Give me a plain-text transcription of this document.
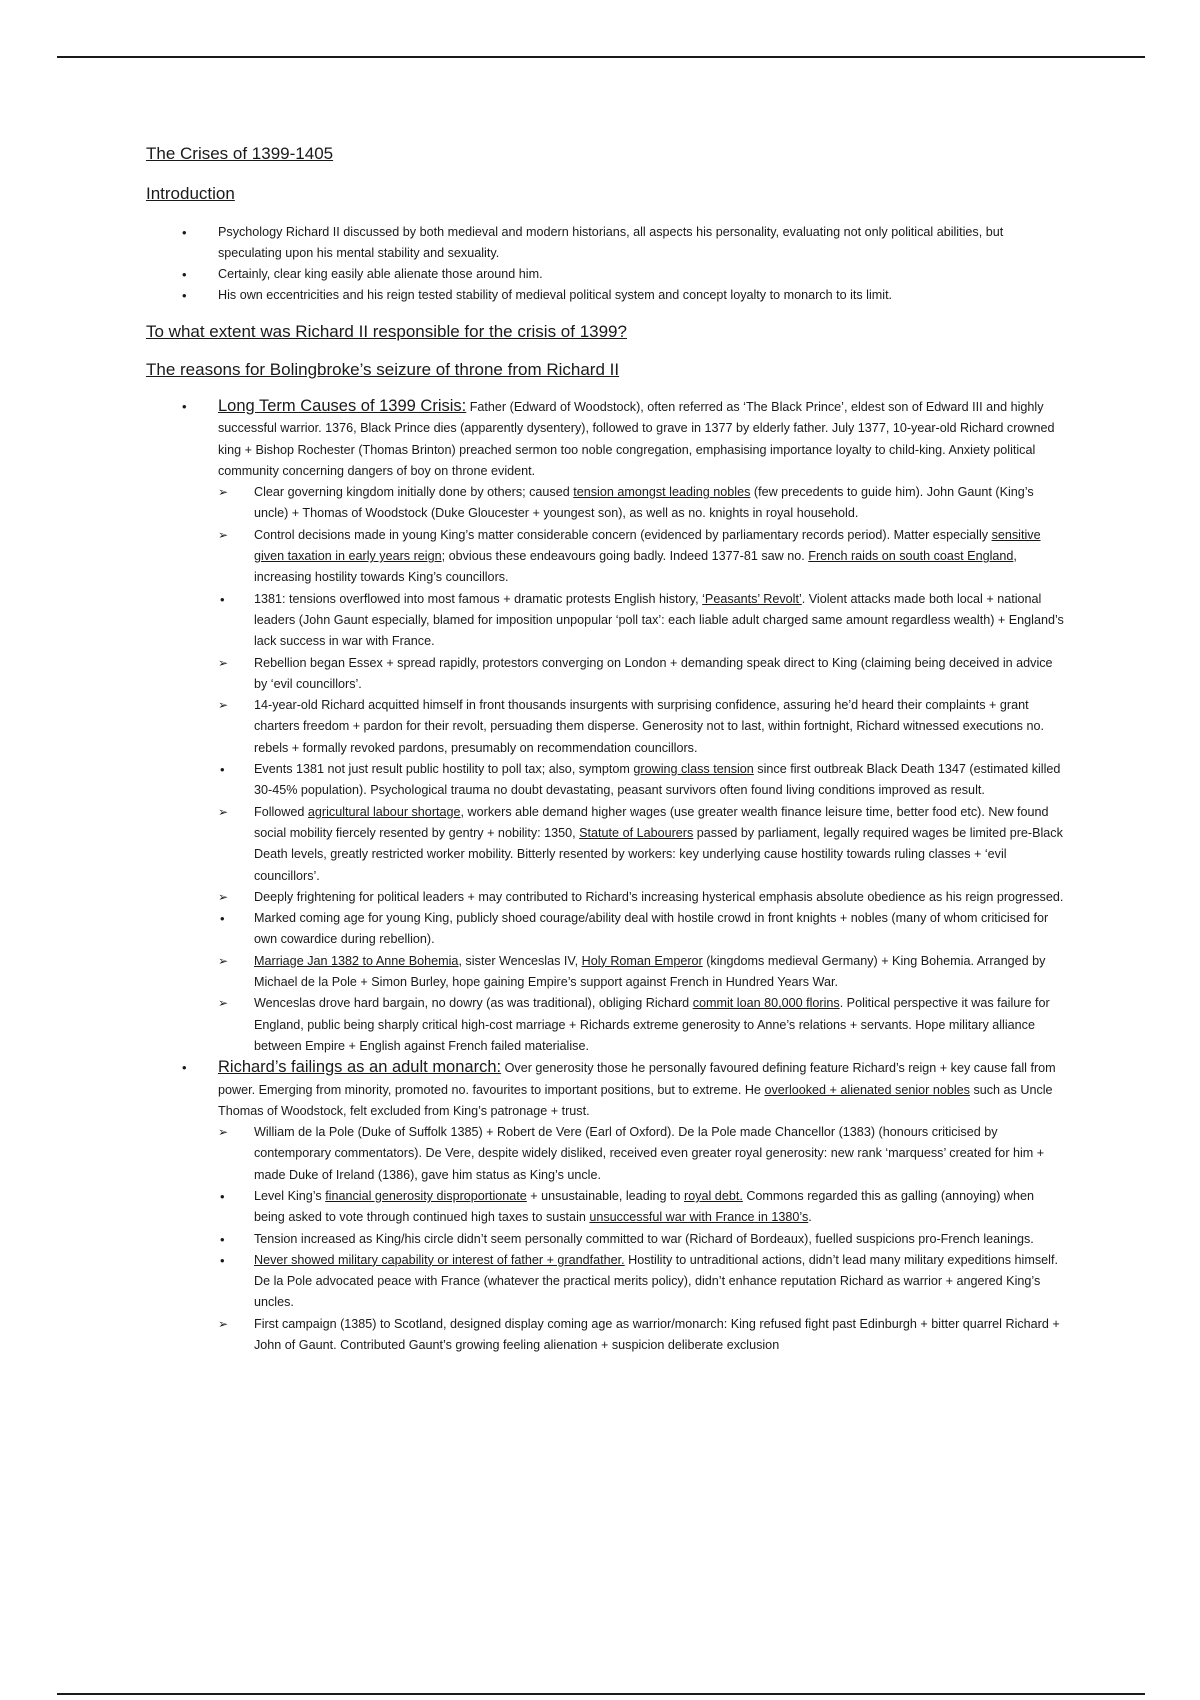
The Crises of 1399-1405

Introduction

• Psychology Richard II discussed by both medieval and modern historians, all aspects his personality, evaluating not only political abilities, but speculating upon his mental stability and sexuality.
• Certainly, clear king easily able alienate those around him.
• His own eccentricities and his reign tested stability of medieval political system and concept loyalty to monarch to its limit.

To what extent was Richard II responsible for the crisis of 1399?

The reasons for Bolingbroke’s seizure of throne from Richard II

• Long Term Causes of 1399 Crisis: Father (Edward of Woodstock), often referred as ‘The Black Prince’, eldest son of Edward III and highly successful warrior. 1376, Black Prince dies (apparently dysentery), followed to grave in 1377 by elderly father. July 1377, 10-year-old Richard crowned king + Bishop Rochester (Thomas Brinton) preached sermon too noble congregation, emphasising importance loyalty to child-king. Anxiety political community concerning dangers of boy on throne evident.
➢ Clear governing kingdom initially done by others; caused tension amongst leading nobles (few precedents to guide him). John Gaunt (King’s uncle) + Thomas of Woodstock (Duke Gloucester + youngest son), as well as no. knights in royal household.
➢ Control decisions made in young King’s matter considerable concern (evidenced by parliamentary records period). Matter especially sensitive given taxation in early years reign; obvious these endeavours going badly. Indeed 1377-81 saw no. French raids on south coast England, increasing hostility towards King’s councillors.
• 1381: tensions overflowed into most famous + dramatic protests English history, ‘Peasants’ Revolt’. Violent attacks made both local + national leaders (John Gaunt especially, blamed for imposition unpopular ‘poll tax’: each liable adult charged same amount regardless wealth) + England’s lack success in war with France.
➢ Rebellion began Essex + spread rapidly, protestors converging on London + demanding speak direct to King (claiming being deceived in advice by ‘evil councillors’.
➢ 14-year-old Richard acquitted himself in front thousands insurgents with surprising confidence, assuring he’d heard their complaints + grant charters freedom + pardon for their revolt, persuading them disperse. Generosity not to last, within fortnight, Richard witnessed executions no. rebels + formally revoked pardons, presumably on recommendation councillors.
• Events 1381 not just result public hostility to poll tax; also, symptom growing class tension since first outbreak Black Death 1347 (estimated killed 30-45% population). Psychological trauma no doubt devastating, peasant survivors often found living conditions improved as result.
➢ Followed agricultural labour shortage, workers able demand higher wages (use greater wealth finance leisure time, better food etc). New found social mobility fiercely resented by gentry + nobility: 1350, Statute of Labourers passed by parliament, legally required wages be limited pre-Black Death levels, greatly restricted worker mobility. Bitterly resented by workers: key underlying cause hostility towards ruling classes + ‘evil councillors’.
➢ Deeply frightening for political leaders + may contributed to Richard’s increasing hysterical emphasis absolute obedience as his reign progressed.
• Marked coming age for young King, publicly shoed courage/ability deal with hostile crowd in front knights + nobles (many of whom criticised for own cowardice during rebellion).
➢ Marriage Jan 1382 to Anne Bohemia, sister Wenceslas IV, Holy Roman Emperor (kingdoms medieval Germany) + King Bohemia. Arranged by Michael de la Pole + Simon Burley, hope gaining Empire’s support against French in Hundred Years War.
➢ Wenceslas drove hard bargain, no dowry (as was traditional), obliging Richard commit loan 80,000 florins. Political perspective it was failure for England, public being sharply critical high-cost marriage + Richards extreme generosity to Anne’s relations + servants. Hope military alliance between Empire + English against French failed materialise.
• Richard’s failings as an adult monarch: Over generosity those he personally favoured defining feature Richard’s reign + key cause fall from power. Emerging from minority, promoted no. favourites to important positions, but to extreme. He overlooked + alienated senior nobles such as Uncle Thomas of Woodstock, felt excluded from King’s patronage + trust.
➢ William de la Pole (Duke of Suffolk 1385) + Robert de Vere (Earl of Oxford). De la Pole made Chancellor (1383) (honours criticised by contemporary commentators). De Vere, despite widely disliked, received even greater royal generosity: new rank ‘marquess’ created for him + made Duke of Ireland (1386), gave him status as King’s uncle.
• Level King’s financial generosity disproportionate + unsustainable, leading to royal debt. Commons regarded this as galling (annoying) when being asked to vote through continued high taxes to sustain unsuccessful war with France in 1380’s.
• Tension increased as King/his circle didn’t seem personally committed to war (Richard of Bordeaux), fuelled suspicions pro-French leanings.
• Never showed military capability or interest of father + grandfather. Hostility to untraditional actions, didn’t lead many military expeditions himself. De la Pole advocated peace with France (whatever the practical merits policy), didn’t enhance reputation Richard as warrior + angered King’s uncles.
➢ First campaign (1385) to Scotland, designed display coming age as warrior/monarch: King refused fight past Edinburgh + bitter quarrel Richard + John of Gaunt. Contributed Gaunt’s growing feeling alienation + suspicion deliberate exclusion
